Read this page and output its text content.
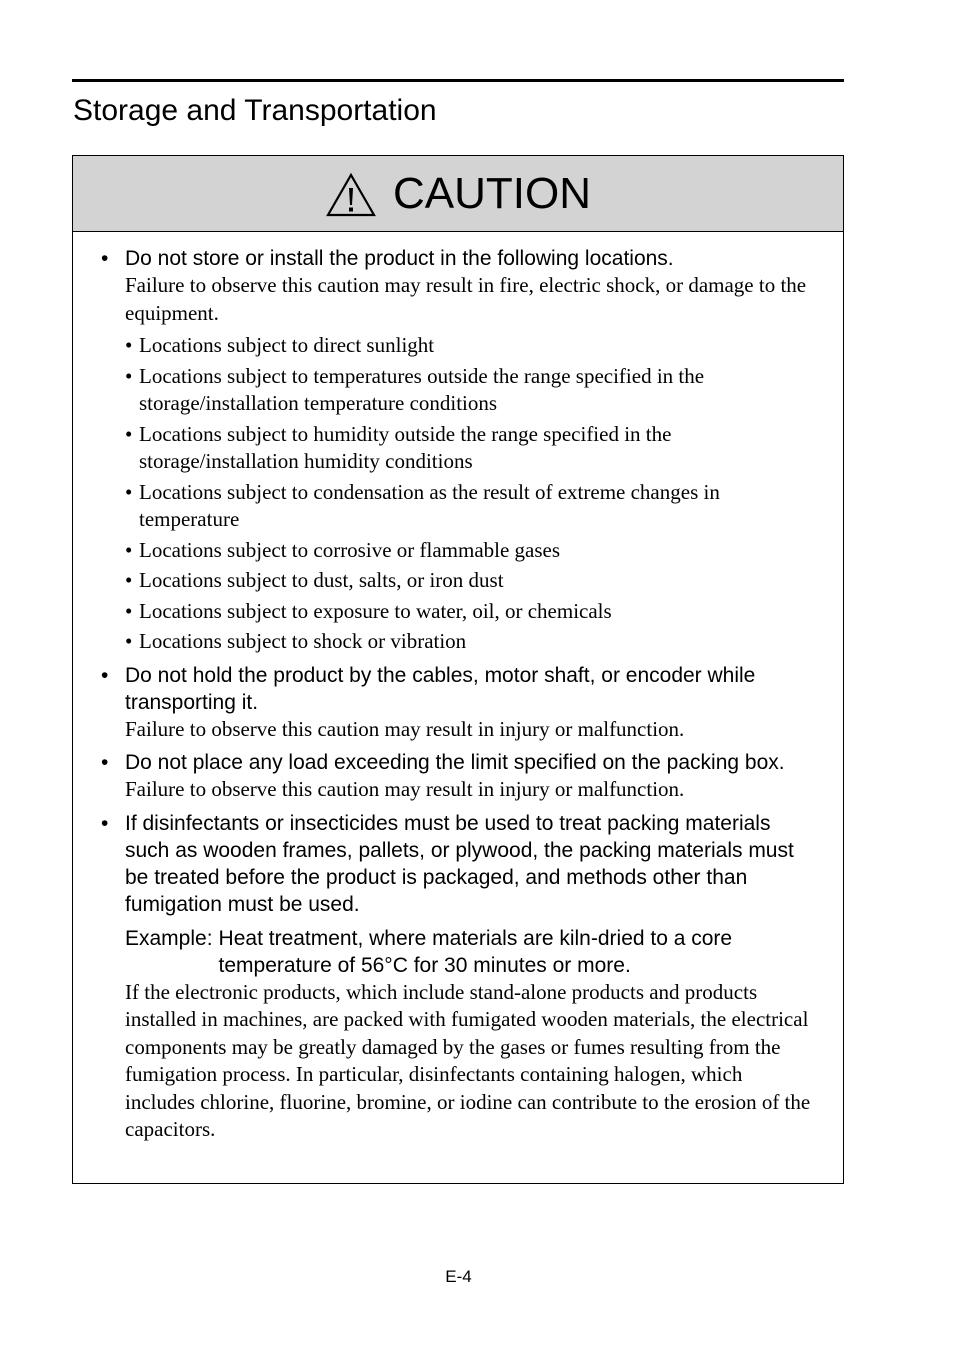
Storage and Transportation
CAUTION
• Do not store or install the product in the following locations.
Failure to observe this caution may result in fire, electric shock, or damage to the equipment.
• Locations subject to direct sunlight
• Locations subject to temperatures outside the range specified in the storage/installation temperature conditions
• Locations subject to humidity outside the range specified in the storage/installation humidity conditions
• Locations subject to condensation as the result of extreme changes in temperature
• Locations subject to corrosive or flammable gases
• Locations subject to dust, salts, or iron dust
• Locations subject to exposure to water, oil, or chemicals
• Locations subject to shock or vibration
• Do not hold the product by the cables, motor shaft, or encoder while transporting it.
Failure to observe this caution may result in injury or malfunction.
• Do not place any load exceeding the limit specified on the packing box.
Failure to observe this caution may result in injury or malfunction.
• If disinfectants or insecticides must be used to treat packing materials such as wooden frames, pallets, or plywood, the packing materials must be treated before the product is packaged, and methods other than fumigation must be used.
Example: Heat treatment, where materials are kiln-dried to a core temperature of 56°C for 30 minutes or more.
If the electronic products, which include stand-alone products and products installed in machines, are packed with fumigated wooden materials, the electrical components may be greatly damaged by the gases or fumes resulting from the fumigation process. In particular, disinfectants containing halogen, which includes chlorine, fluorine, bromine, or iodine can contribute to the erosion of the capacitors.
E-4
